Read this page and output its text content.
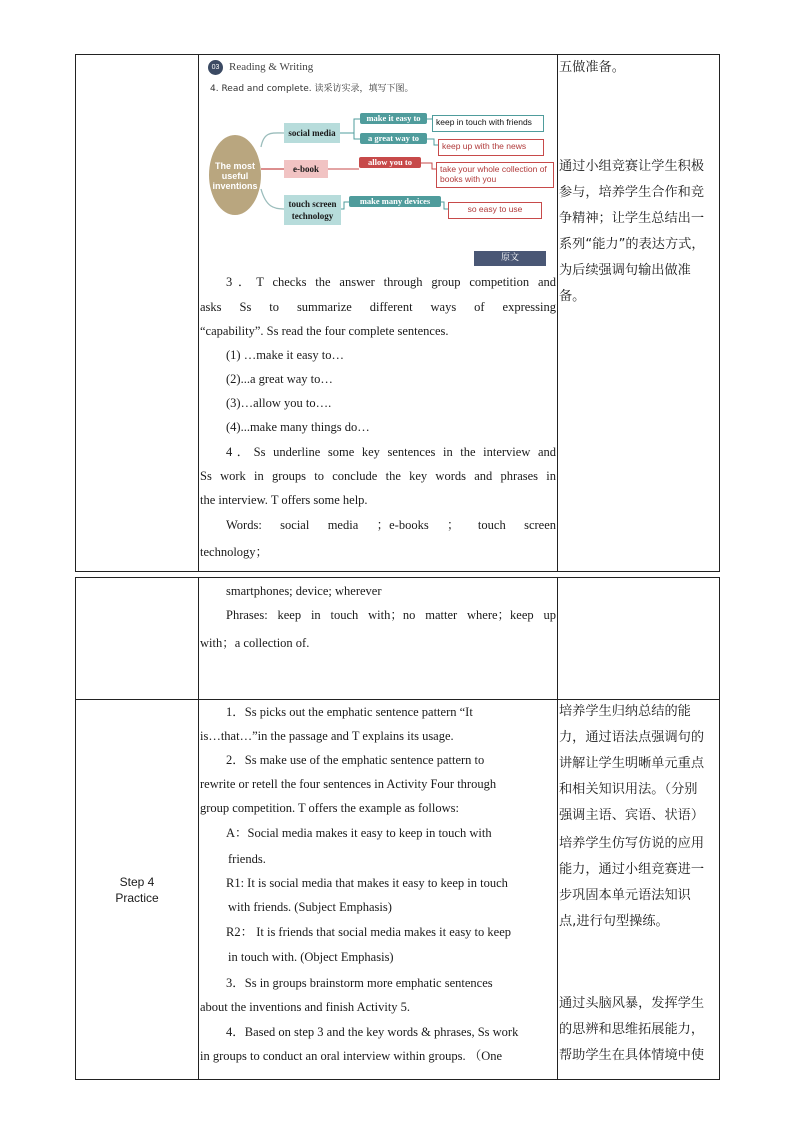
03 Reading & Writing
4. Read and complete. 读采访实录，填写下图。
The most useful inventions
social media
e-book
touch screen technology
make it easy to
a great way to
allow you to
make many devices
keep in touch with friends
keep up with the news
take your whole collection of books with you
so easy to use
原文
3．T checks the answer through group competition and
asks Ss to summarize different ways of expressing
“capability”. Ss read the four complete sentences.
(1) …make it easy to…
(2)...a great way to…
(3)…allow you to….
(4)...make many things do…
4．Ss underline some key sentences in the interview and
Ss work in groups to conclude the key words and phrases in
the interview. T offers some help.
Words: social media ；e-books ； touch screen
technology；
五做准备。
通过小组竞赛让学生积极
参与，培养学生合作和竞
争精神；让学生总结出一
系列“能力”的表达方式，
为后续强调句输出做准
备。
smartphones; device; wherever
Phrases: keep in touch with；no matter where；keep up
with；a collection of.
Step 4
Practice
1．Ss picks out the emphatic sentence pattern “It
is…that…”in the passage and T explains its usage.
2．Ss make use of the emphatic sentence pattern to
rewrite or retell the four sentences in Activity Four through
group competition. T offers the example as follows:
A：Social media makes it easy to keep in touch with
friends.
R1: It is social media that makes it easy to keep in touch
with friends. (Subject Emphasis)
R2： It is friends that social media makes it easy to keep
in touch with. (Object Emphasis)
3．Ss in groups brainstorm more emphatic sentences
about the inventions and finish Activity 5.
4．Based on step 3 and the key words & phrases, Ss work
in groups to conduct an oral interview within groups. （One
培养学生归纳总结的能
力，通过语法点强调句的
讲解让学生明晰单元重点
和相关知识用法。（分别
强调主语、宾语、状语）
培养学生仿写仿说的应用
能力，通过小组竞赛进一
步巩固本单元语法知识
点,进行句型操练。
通过头脑风暴，发挥学生
的思辨和思维拓展能力，
帮助学生在具体情境中使
